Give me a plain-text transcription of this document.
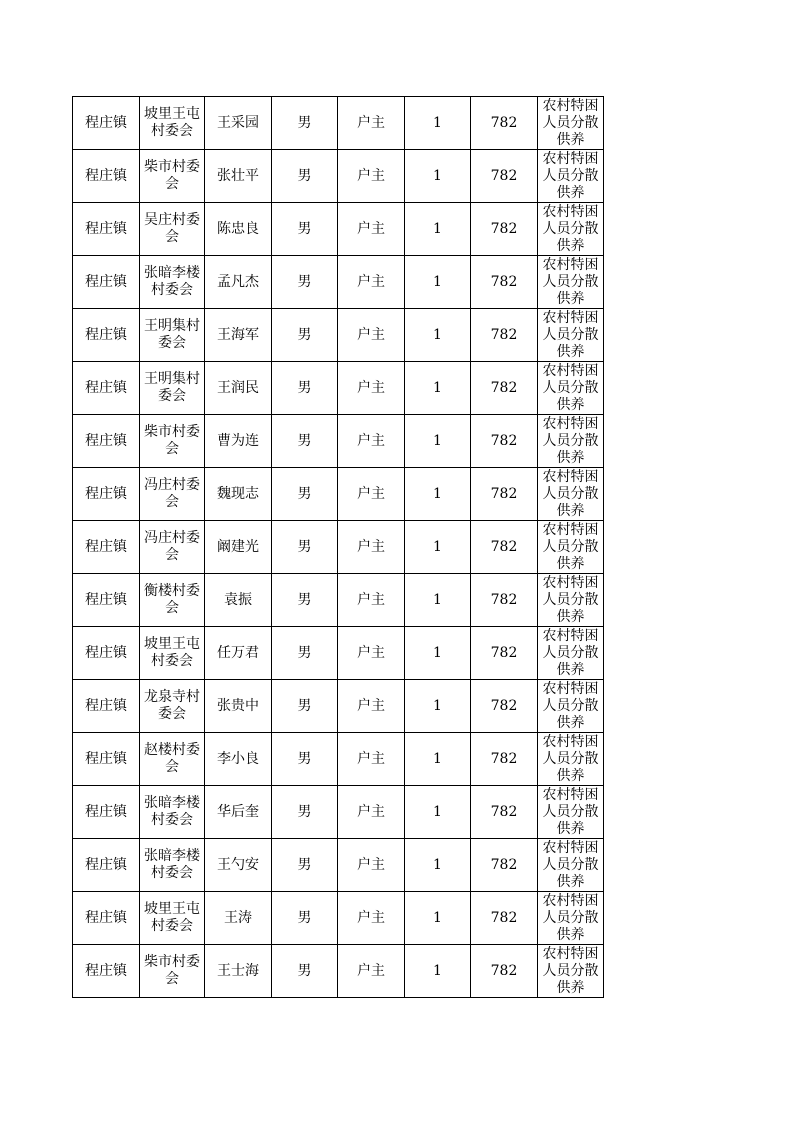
程庄镇	坡里王屯村委会	王采园	男	户主	1	782	农村特困人员分散供养
程庄镇	柴市村委会	张壮平	男	户主	1	782	农村特困人员分散供养
程庄镇	吴庄村委会	陈忠良	男	户主	1	782	农村特困人员分散供养
程庄镇	张暗李楼村委会	孟凡杰	男	户主	1	782	农村特困人员分散供养
程庄镇	王明集村委会	王海军	男	户主	1	782	农村特困人员分散供养
程庄镇	王明集村委会	王润民	男	户主	1	782	农村特困人员分散供养
程庄镇	柴市村委会	曹为连	男	户主	1	782	农村特困人员分散供养
程庄镇	冯庄村委会	魏现志	男	户主	1	782	农村特困人员分散供养
程庄镇	冯庄村委会	阚建光	男	户主	1	782	农村特困人员分散供养
程庄镇	衡楼村委会	袁振	男	户主	1	782	农村特困人员分散供养
程庄镇	坡里王屯村委会	任万君	男	户主	1	782	农村特困人员分散供养
程庄镇	龙泉寺村委会	张贵中	男	户主	1	782	农村特困人员分散供养
程庄镇	赵楼村委会	李小良	男	户主	1	782	农村特困人员分散供养
程庄镇	张暗李楼村委会	华后奎	男	户主	1	782	农村特困人员分散供养
程庄镇	张暗李楼村委会	王勺安	男	户主	1	782	农村特困人员分散供养
程庄镇	坡里王屯村委会	王涛	男	户主	1	782	农村特困人员分散供养
程庄镇	柴市村委会	王士海	男	户主	1	782	农村特困人员分散供养
